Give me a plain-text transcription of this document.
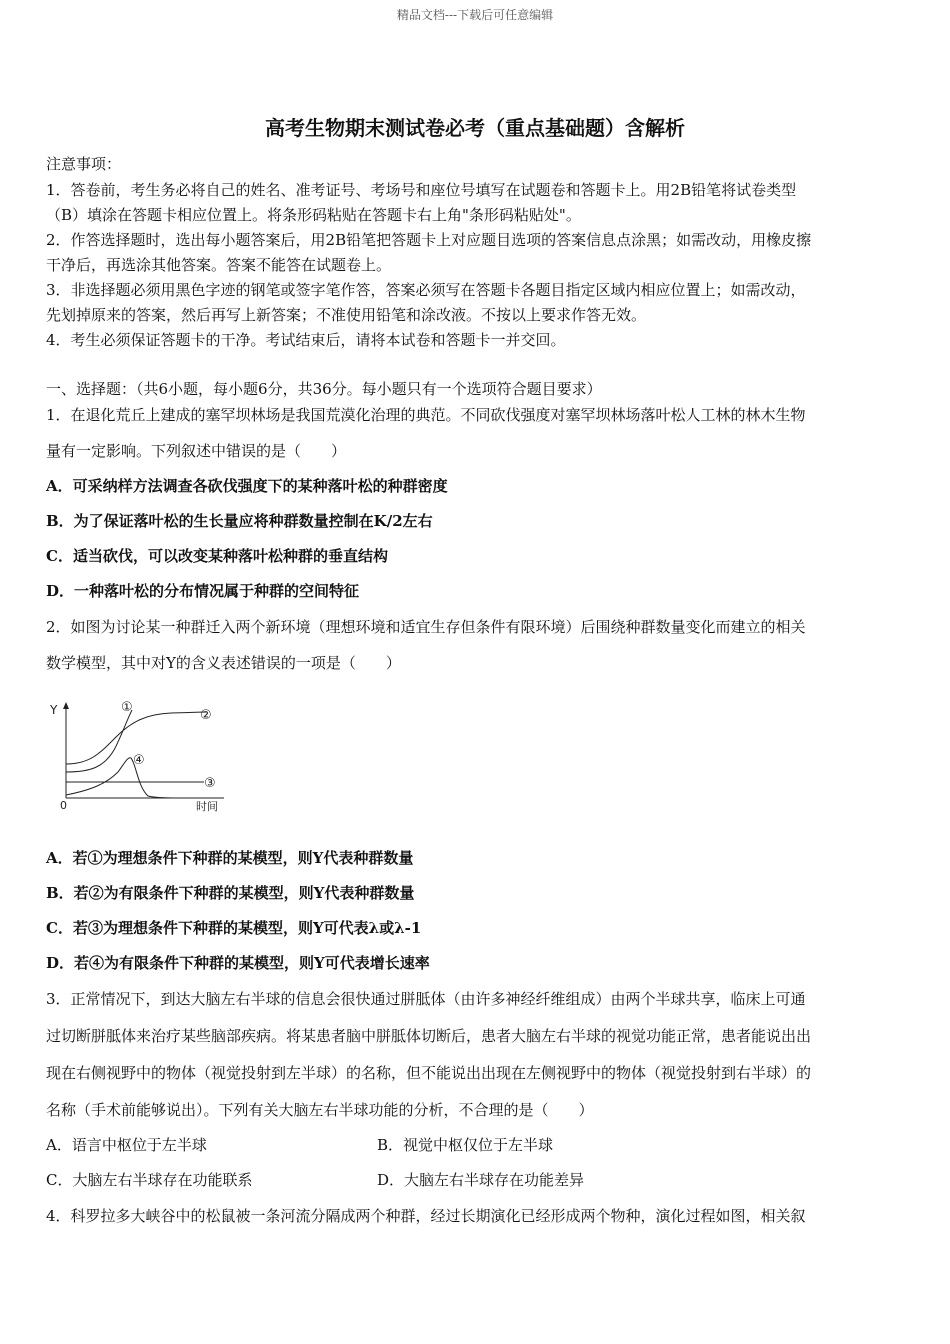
精品文档---下载后可任意编辑
高考生物期末测试卷必考（重点基础题）含解析
注意事项：
1．答卷前，考生务必将自己的姓名、准考证号、考场号和座位号填写在试题卷和答题卡上。用2B铅笔将试卷类型
（B）填涂在答题卡相应位置上。将条形码粘贴在答题卡右上角"条形码粘贴处"。
2．作答选择题时，选出每小题答案后，用2B铅笔把答题卡上对应题目选项的答案信息点涂黑；如需改动，用橡皮擦
干净后，再选涂其他答案。答案不能答在试题卷上。
3．非选择题必须用黑色字迹的钢笔或签字笔作答，答案必须写在答题卡各题目指定区域内相应位置上；如需改动，
先划掉原来的答案，然后再写上新答案；不准使用铅笔和涂改液。不按以上要求作答无效。
4．考生必须保证答题卡的干净。考试结束后，请将本试卷和答题卡一并交回。
一、选择题：（共6小题，每小题6分，共36分。每小题只有一个选项符合题目要求）
1．在退化荒丘上建成的塞罕坝林场是我国荒漠化治理的典范。不同砍伐强度对塞罕坝林场落叶松人工林的林木生物
量有一定影响。下列叙述中错误的是（　　）
A．可采纳样方法调查各砍伐强度下的某种落叶松的种群密度
B．为了保证落叶松的生长量应将种群数量控制在K/2左右
C．适当砍伐，可以改变某种落叶松种群的垂直结构
D．一种落叶松的分布情况属于种群的空间特征
2．如图为讨论某一种群迁入两个新环境（理想环境和适宜生存但条件有限环境）后围绕种群数量变化而建立的相关
数学模型，其中对Y的含义表述错误的一项是（　　）
Y
0	时间
①
②
③
④
A．若①为理想条件下种群的某模型，则Y代表种群数量
B．若②为有限条件下种群的某模型，则Y代表种群数量
C．若③为理想条件下种群的某模型，则Y可代表λ或λ-1
D．若④为有限条件下种群的某模型，则Y可代表增长速率
3．正常情况下，到达大脑左右半球的信息会很快通过胼胝体（由许多神经纤维组成）由两个半球共享，临床上可通
过切断胼胝体来治疗某些脑部疾病。将某患者脑中胼胝体切断后，患者大脑左右半球的视觉功能正常，患者能说出出
现在右侧视野中的物体（视觉投射到左半球）的名称，但不能说出出现在左侧视野中的物体（视觉投射到右半球）的
名称（手术前能够说出）。下列有关大脑左右半球功能的分析，不合理的是（　　）
A．语言中枢位于左半球	B．视觉中枢仅位于左半球
C．大脑左右半球存在功能联系	D．大脑左右半球存在功能差异
4．科罗拉多大峡谷中的松鼠被一条河流分隔成两个种群，经过长期演化已经形成两个物种，演化过程如图，相关叙
